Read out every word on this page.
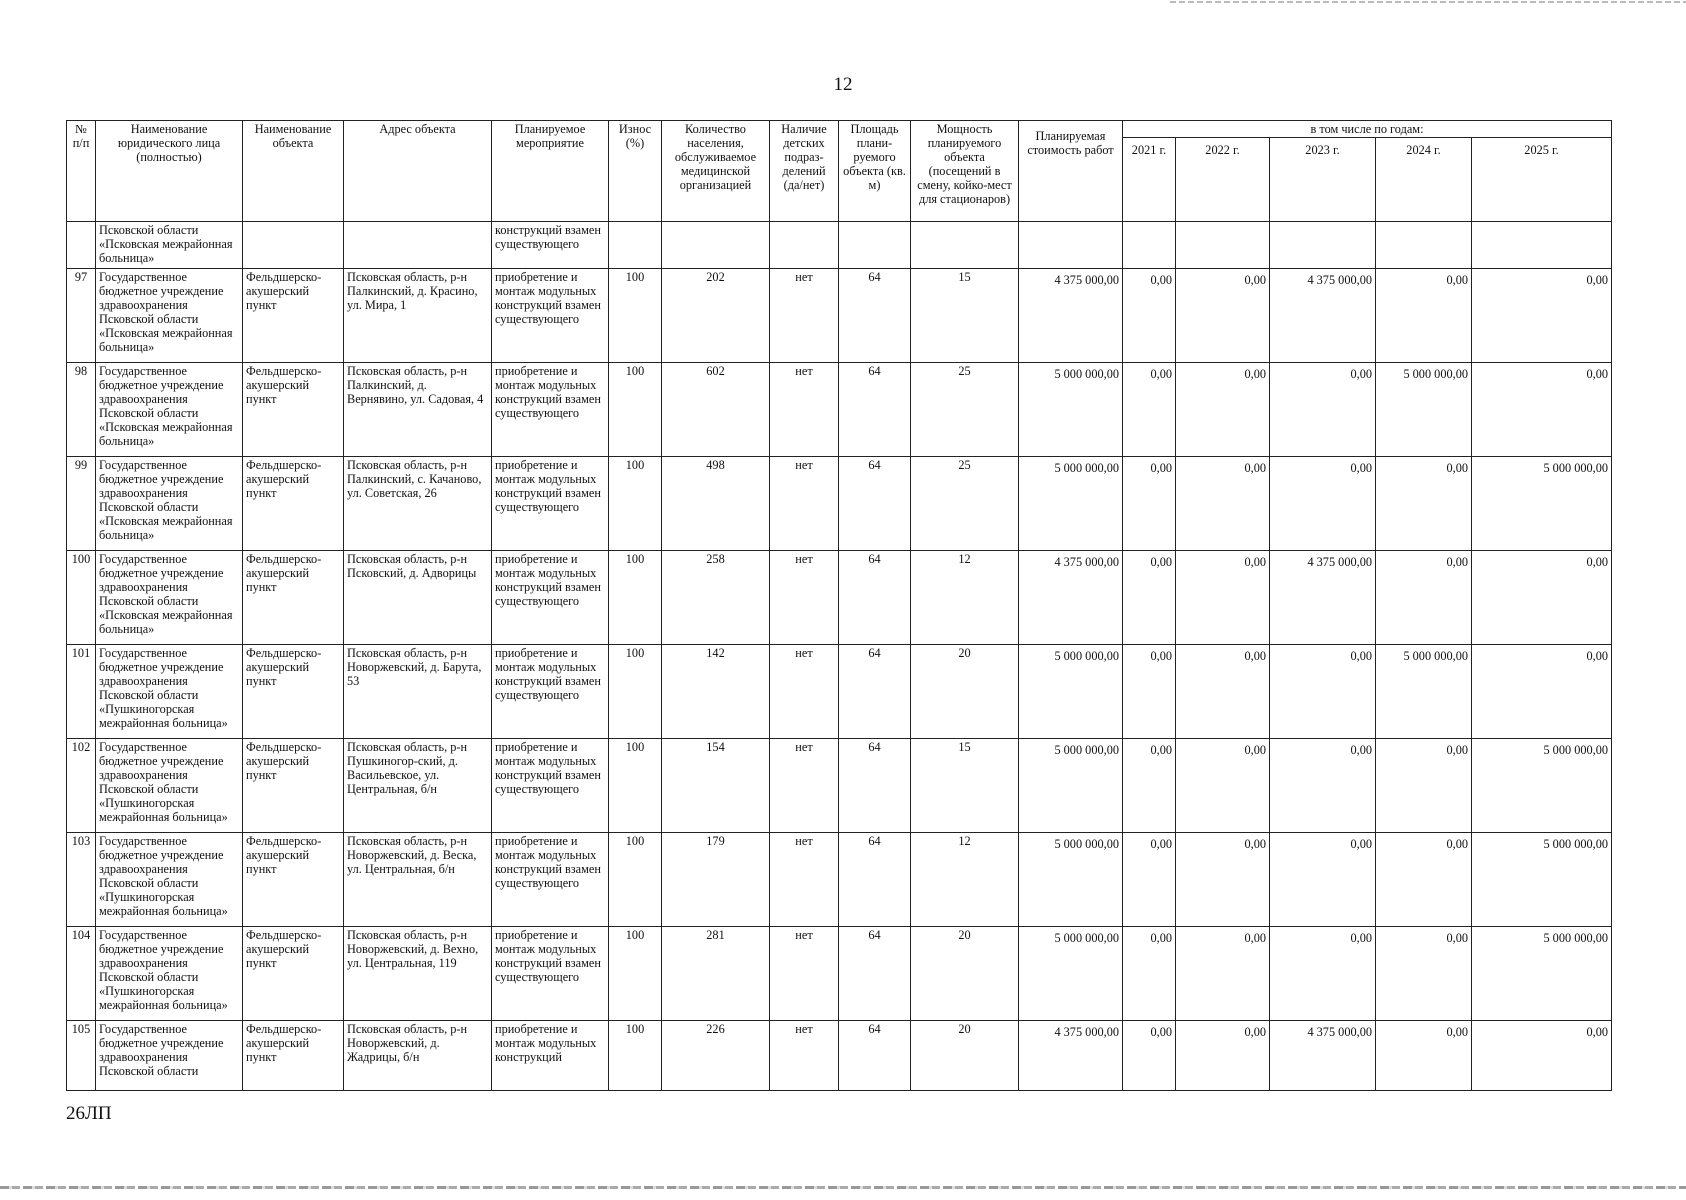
12
№ п/п	Наименование юридического лица (полностью)	Наименование объекта	Адрес объекта	Планируемое мероприятие	Износ (%)	Количество населения, обслуживаемое медицинской организацией	Наличие детских подраз-делений (да/нет)	Площадь плани-руемого объекта (кв. м)	Мощность планируемого объекта (посещений в смену, койко-мест для стационаров)	Планируемая стоимость работ	в том числе по годам:				
											2021 г.	2022 г.	2023 г.	2024 г.	2025 г.
	Псковской области «Псковская межрайонная больница»			конструкций взамен существующего											
97	Государственное бюджетное учреждение здравоохранения Псковской области «Псковская межрайонная больница»	Фельдшерско-акушерский пункт	Псковская область, р-н Палкинский, д. Красино, ул. Мира, 1	приобретение и монтаж модульных конструкций взамен существующего	100	202	нет	64	15	4 375 000,00	0,00	0,00	4 375 000,00	0,00	0,00
98	Государственное бюджетное учреждение здравоохранения Псковской области «Псковская межрайонная больница»	Фельдшерско-акушерский пункт	Псковская область, р-н Палкинский, д. Вернявино, ул. Садовая, 4	приобретение и монтаж модульных конструкций взамен существующего	100	602	нет	64	25	5 000 000,00	0,00	0,00	0,00	5 000 000,00	0,00
99	Государственное бюджетное учреждение здравоохранения Псковской области «Псковская межрайонная больница»	Фельдшерско-акушерский пункт	Псковская область, р-н Палкинский, с. Качаново, ул. Советская, 26	приобретение и монтаж модульных конструкций взамен существующего	100	498	нет	64	25	5 000 000,00	0,00	0,00	0,00	0,00	5 000 000,00
100	Государственное бюджетное учреждение здравоохранения Псковской области «Псковская межрайонная больница»	Фельдшерско-акушерский пункт	Псковская область, р-н Псковский, д. Адворицы	приобретение и монтаж модульных конструкций взамен существующего	100	258	нет	64	12	4 375 000,00	0,00	0,00	4 375 000,00	0,00	0,00
101	Государственное бюджетное учреждение здравоохранения Псковской области «Пушкиногорская межрайонная больница»	Фельдшерско-акушерский пункт	Псковская область, р-н Новоржевский, д. Барута, 53	приобретение и монтаж модульных конструкций взамен существующего	100	142	нет	64	20	5 000 000,00	0,00	0,00	0,00	5 000 000,00	0,00
102	Государственное бюджетное учреждение здравоохранения Псковской области «Пушкиногорская межрайонная больница»	Фельдшерско-акушерский пункт	Псковская область, р-н Пушкиногор-ский, д. Васильевское, ул. Центральная, б/н	приобретение и монтаж модульных конструкций взамен существующего	100	154	нет	64	15	5 000 000,00	0,00	0,00	0,00	0,00	5 000 000,00
103	Государственное бюджетное учреждение здравоохранения Псковской области «Пушкиногорская межрайонная больница»	Фельдшерско-акушерский пункт	Псковская область, р-н Новоржевский, д. Веска, ул. Центральная, б/н	приобретение и монтаж модульных конструкций взамен существующего	100	179	нет	64	12	5 000 000,00	0,00	0,00	0,00	0,00	5 000 000,00
104	Государственное бюджетное учреждение здравоохранения Псковской области «Пушкиногорская межрайонная больница»	Фельдшерско-акушерский пункт	Псковская область, р-н Новоржевский, д. Вехно, ул. Центральная, 119	приобретение и монтаж модульных конструкций взамен существующего	100	281	нет	64	20	5 000 000,00	0,00	0,00	0,00	0,00	5 000 000,00
105	Государственное бюджетное учреждение здравоохранения Псковской области	Фельдшерско-акушерский пункт	Псковская область, р-н Новоржевский, д. Жадрицы, б/н	приобретение и монтаж модульных конструкций	100	226	нет	64	20	4 375 000,00	0,00	0,00	4 375 000,00	0,00	0,00
26ЛП
